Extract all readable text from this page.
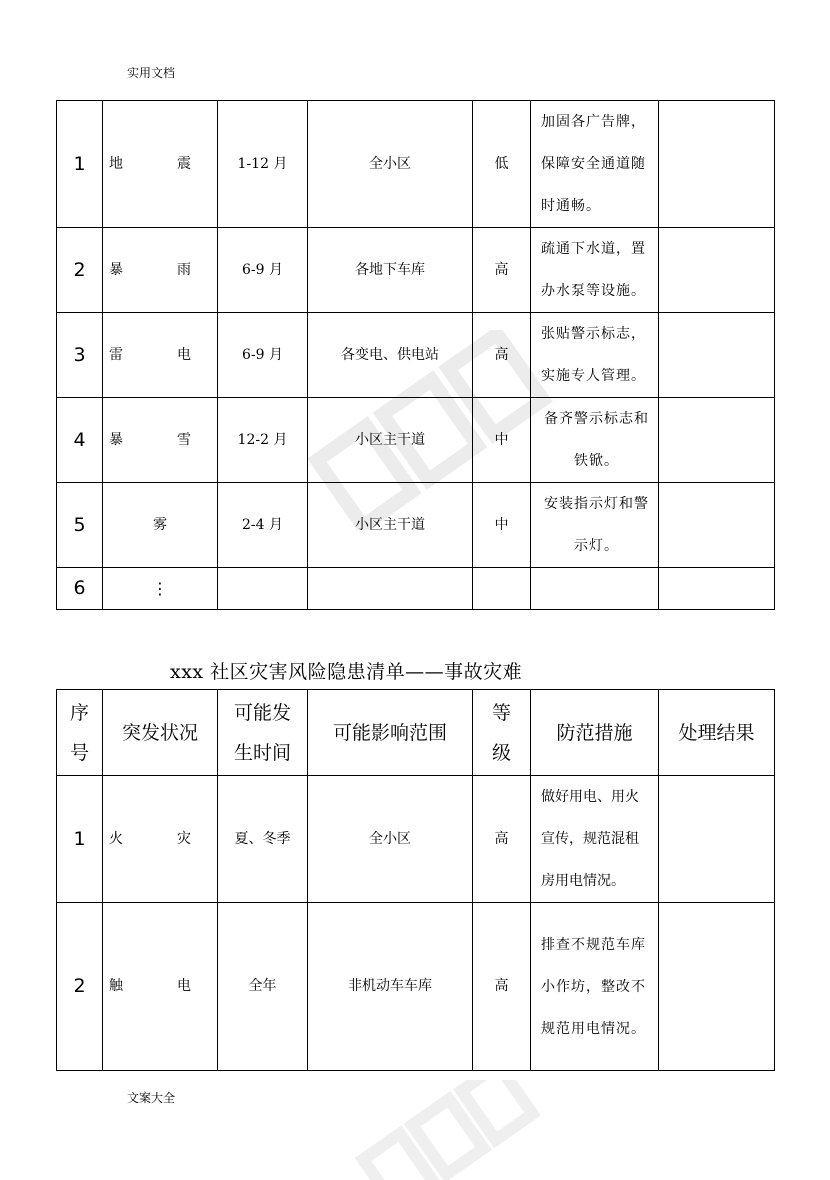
实用文档
1	地　震	1-12 月	全小区	低	加固各广告牌，保障安全通道随时通畅。	
2	暴　雨	6-9 月	各地下车库	高	疏通下水道，置办水泵等设施。	
3	雷　电	6-9 月	各变电、供电站	高	张贴警示标志，实施专人管理。	
4	暴　雪	12-2 月	小区主干道	中	备齐警示标志和铁锨。	
5	雾	2-4 月	小区主干道	中	安装指示灯和警示灯。	
6	⋮					
xxx 社区灾害风险隐患清单——事故灾难
序号	突发状况	可能发生时间	可能影响范围	等级	防范措施	处理结果
1	火　灾	夏、冬季	全小区	高	做好用电、用火宣传，规范混租房用电情况。	
2	触　电	全年	非机动车车库	高	排查不规范车库小作坊，整改不规范用电情况。	
文案大全
